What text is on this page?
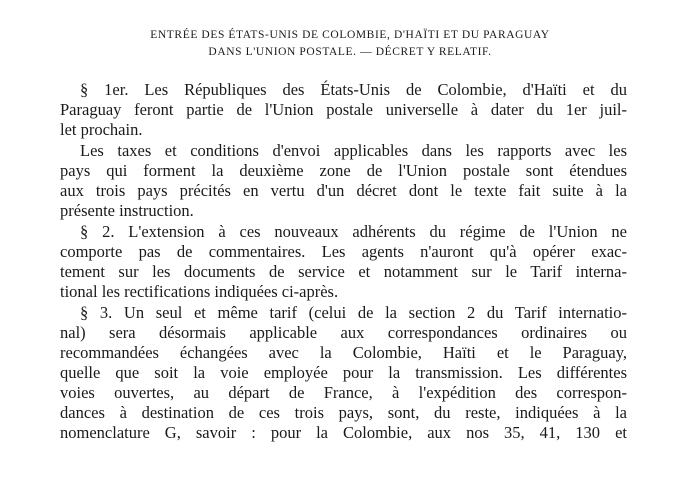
ENTRÉE DES ÉTATS-UNIS DE COLOMBIE, D'HAÏTI ET DU PARAGUAY
DANS L'UNION POSTALE. — DÉCRET Y RELATIF.
§ 1er. Les Républiques des États-Unis de Colombie, d'Haïti et du
Paraguay feront partie de l'Union postale universelle à dater du 1er juil-
let prochain.
Les taxes et conditions d'envoi applicables dans les rapports avec les
pays qui forment la deuxième zone de l'Union postale sont étendues
aux trois pays précités en vertu d'un décret dont le texte fait suite à la
présente instruction.
§ 2. L'extension à ces nouveaux adhérents du régime de l'Union ne
comporte pas de commentaires. Les agents n'auront qu'à opérer exac-
tement sur les documents de service et notamment sur le Tarif interna-
tional les rectifications indiquées ci-après.
§ 3. Un seul et même tarif (celui de la section 2 du Tarif internatio-
nal) sera désormais applicable aux correspondances ordinaires ou
recommandées échangées avec la Colombie, Haïti et le Paraguay,
quelle que soit la voie employée pour la transmission. Les différentes
voies ouvertes, au départ de France, à l'expédition des correspon-
dances à destination de ces trois pays, sont, du reste, indiquées à la
nomenclature G, savoir : pour la Colombie, aux nos 35, 41, 130 et
